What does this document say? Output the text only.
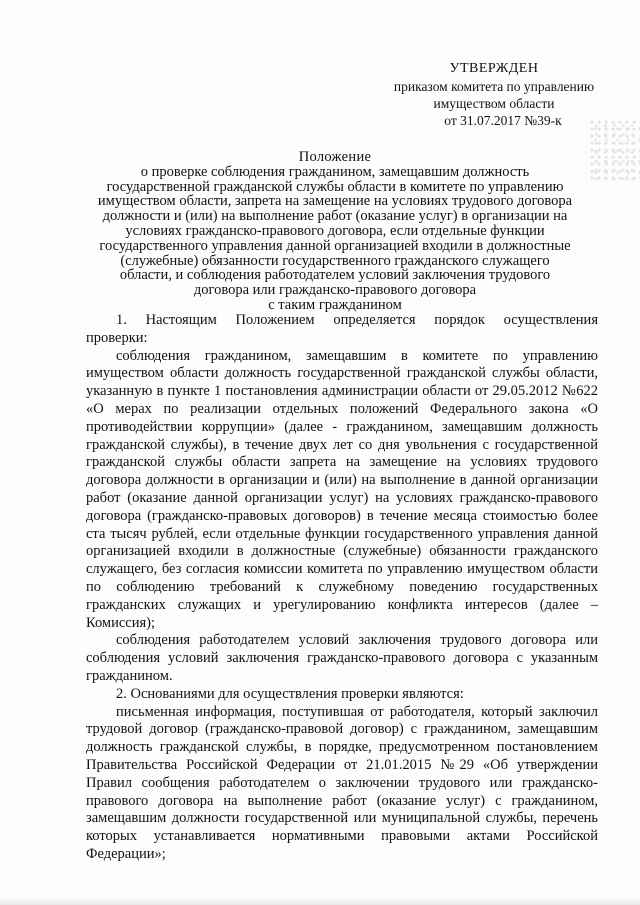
УТВЕРЖДЕН
приказом комитета по управлению
имуществом области
от 31.07.2017 №39-к
Положение
о проверке соблюдения гражданином, замещавшим должность
государственной гражданской службы области в комитете по управлению
имуществом области, запрета на замещение на условиях трудового договора
должности и (или) на выполнение работ (оказание услуг) в организации на
условиях гражданско-правового договора, если отдельные функции
государственного управления данной организацией входили в должностные
(служебные) обязанности государственного гражданского служащего
области, и соблюдения работодателем условий заключения трудового
договора или гражданско-правового договора
с таким гражданином

1. Настоящим Положением определяется порядок осуществления проверки:

соблюдения гражданином, замещавшим в комитете по управлению имуществом области должность государственной гражданской службы области, указанную в пункте 1 постановления администрации области от 29.05.2012 №622 «О мерах по реализации отдельных положений Федерального закона «О противодействии коррупции» (далее - гражданином, замещавшим должность гражданской службы), в течение двух лет со дня увольнения с государственной гражданской службы области запрета на замещение на условиях трудового договора должности в организации и (или) на выполнение в данной организации работ (оказание данной организации услуг) на условиях гражданско-правового договора (гражданско-правовых договоров) в течение месяца стоимостью более ста тысяч рублей, если отдельные функции государственного управления данной организацией входили в должностные (служебные) обязанности гражданского служащего, без согласия комиссии комитета по управлению имуществом области по соблюдению требований к служебному поведению государственных гражданских служащих и урегулированию конфликта интересов (далее – Комиссия);

соблюдения работодателем условий заключения трудового договора или соблюдения условий заключения гражданско-правового договора с указанным гражданином.

2. Основаниями для осуществления проверки являются:

письменная информация, поступившая от работодателя, который заключил трудовой договор (гражданско-правовой договор) с гражданином, замещавшим должность гражданской службы, в порядке, предусмотренном постановлением Правительства Российской Федерации от 21.01.2015 №29 «Об утверждении Правил сообщения работодателем о заключении трудового или гражданско-правового договора на выполнение работ (оказание услуг) с гражданином, замещавшим должности государственной или муниципальной службы, перечень которых устанавливается нормативными правовыми актами Российской Федерации»;
